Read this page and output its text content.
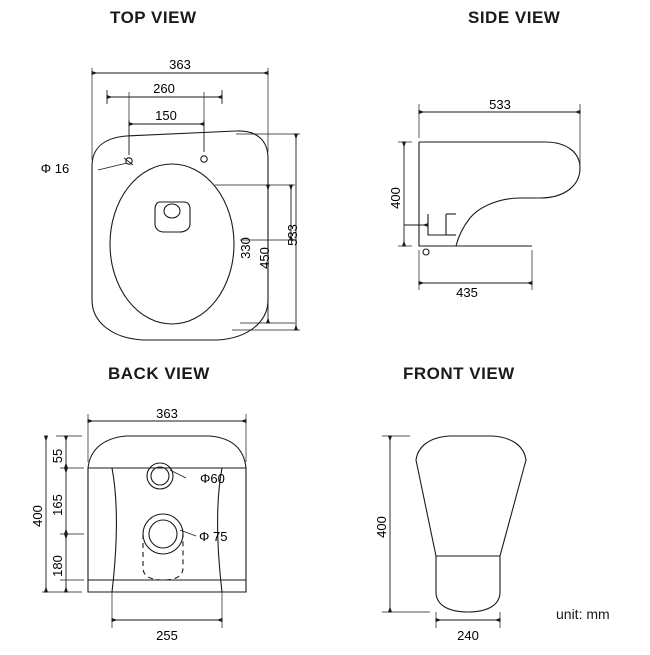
TOP VIEW	SIDE VIEW
BACK VIEW	FRONT VIEW
unit: mm
363
260
150
Φ 16
533
450
330
533
400
435
363
55
165
180
400
255
Φ60
Φ 75	400
240
